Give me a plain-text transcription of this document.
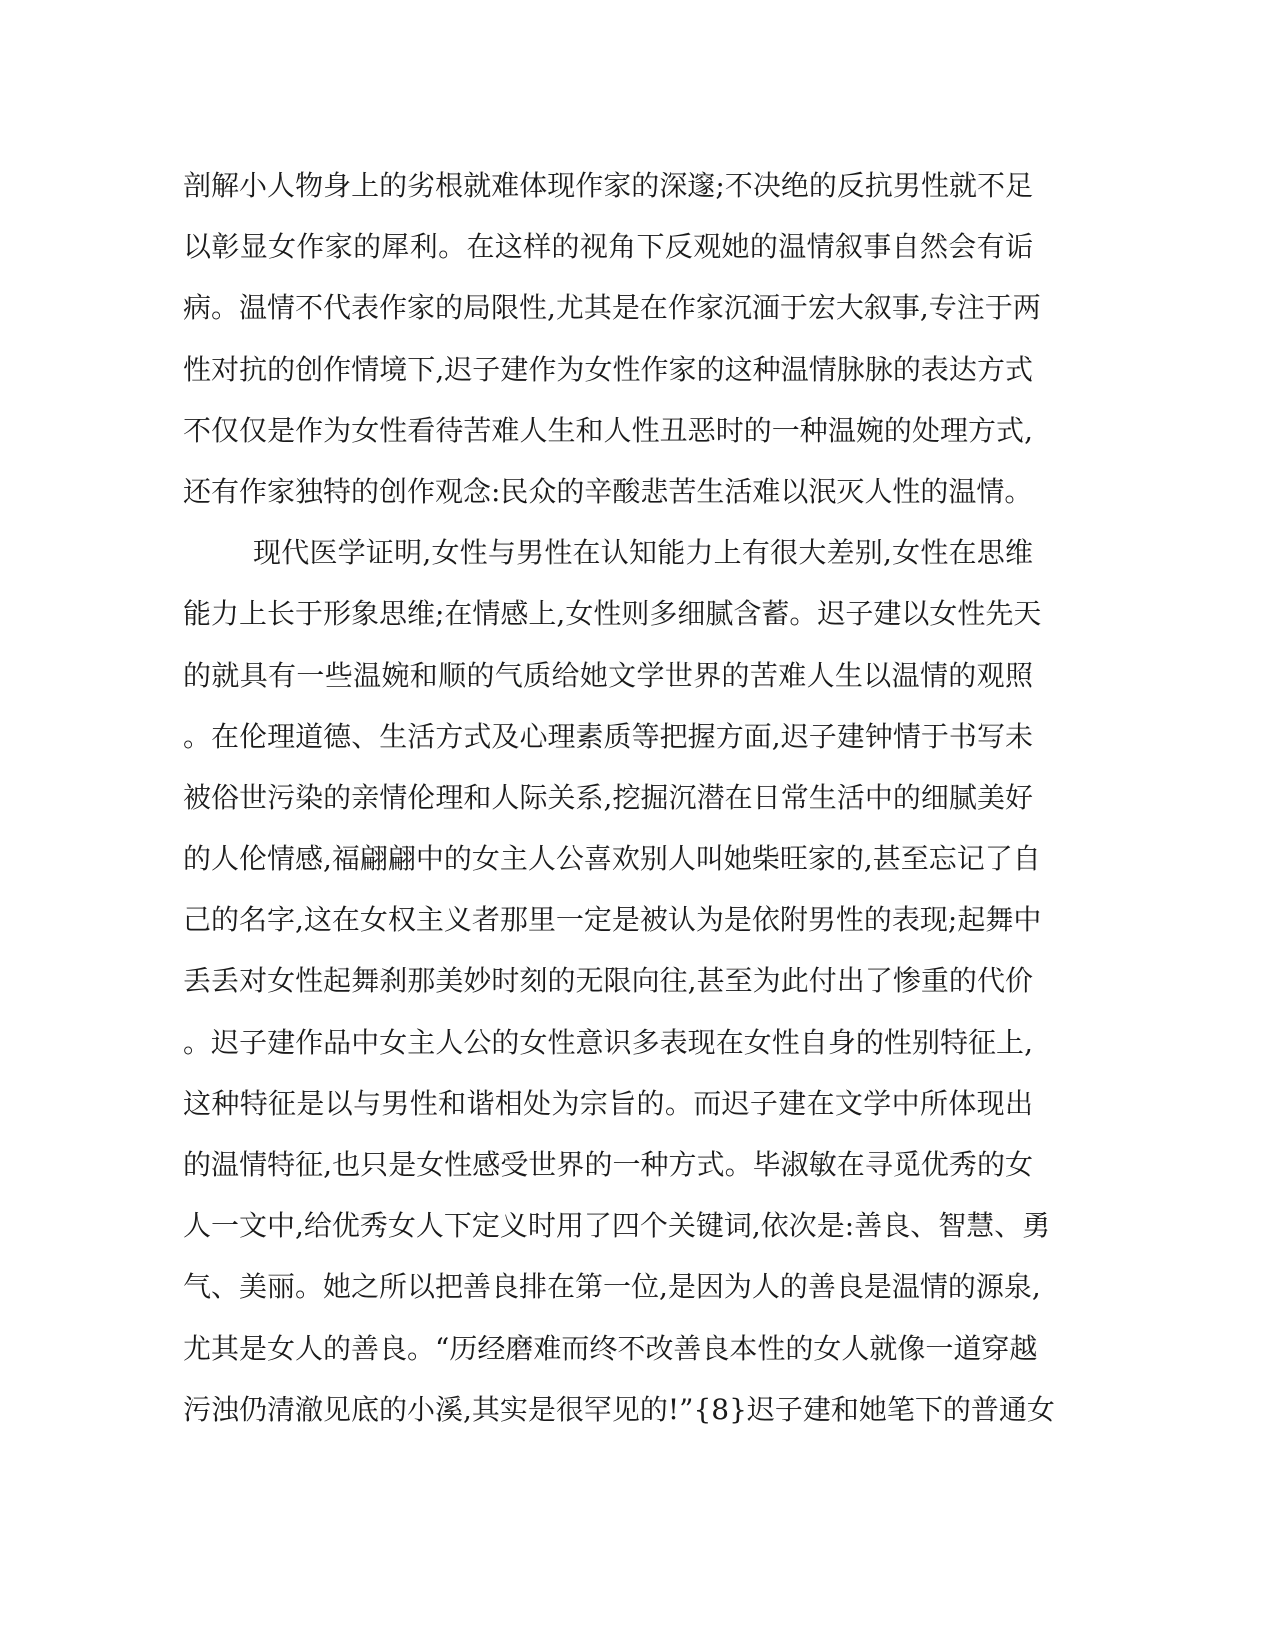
剖解小人物身上的劣根就难体现作家的深邃;不决绝的反抗男性就不足
以彰显女作家的犀利。在这样的视角下反观她的温情叙事自然会有诟
病。温情不代表作家的局限性,尤其是在作家沉湎于宏大叙事,专注于两
性对抗的创作情境下,迟子建作为女性作家的这种温情脉脉的表达方式
不仅仅是作为女性看待苦难人生和人性丑恶时的一种温婉的处理方式,
还有作家独特的创作观念:民众的辛酸悲苦生活难以泯灭人性的温情。
现代医学证明,女性与男性在认知能力上有很大差别,女性在思维
能力上长于形象思维;在情感上,女性则多细腻含蓄。迟子建以女性先天
的就具有一些温婉和顺的气质给她文学世界的苦难人生以温情的观照
。在伦理道德、生活方式及心理素质等把握方面,迟子建钟情于书写未
被俗世污染的亲情伦理和人际关系,挖掘沉潜在日常生活中的细腻美好
的人伦情感,福翩翩中的女主人公喜欢别人叫她柴旺家的,甚至忘记了自
己的名字,这在女权主义者那里一定是被认为是依附男性的表现;起舞中
丢丢对女性起舞刹那美妙时刻的无限向往,甚至为此付出了惨重的代价
。迟子建作品中女主人公的女性意识多表现在女性自身的性别特征上,
这种特征是以与男性和谐相处为宗旨的。而迟子建在文学中所体现出
的温情特征,也只是女性感受世界的一种方式。毕淑敏在寻觅优秀的女
人一文中,给优秀女人下定义时用了四个关键词,依次是:善良、智慧、勇
气、美丽。她之所以把善良排在第一位,是因为人的善良是温情的源泉,
尤其是女人的善良。“历经磨难而终不改善良本性的女人就像一道穿越
污浊仍清澈见底的小溪,其实是很罕见的!”{8}迟子建和她笔下的普通女
